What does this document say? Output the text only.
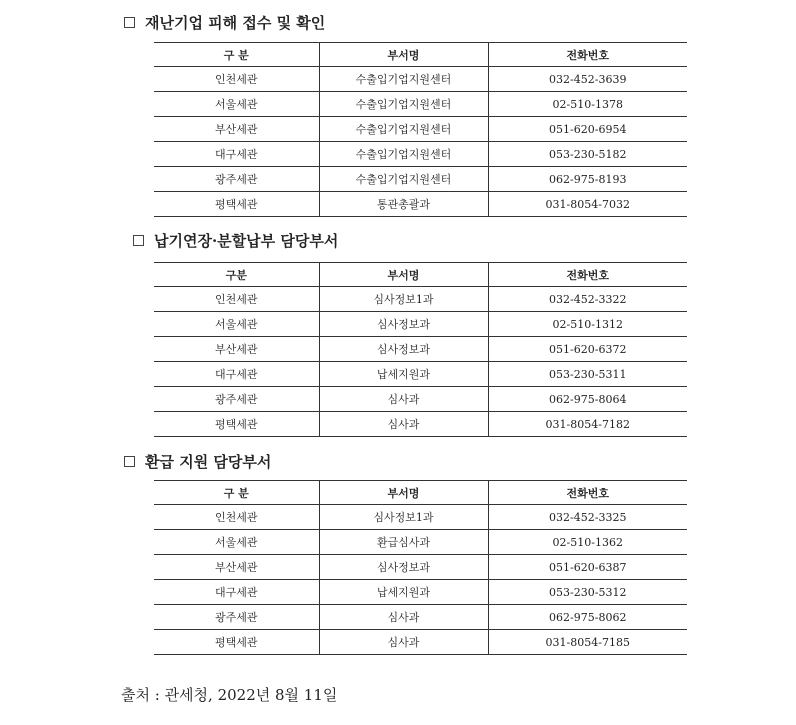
재난기업 피해 접수 및 확인
구 분	부서명	전화번호
인천세관	수출입기업지원센터	032-452-3639
서울세관	수출입기업지원센터	02-510-1378
부산세관	수출입기업지원센터	051-620-6954
대구세관	수출입기업지원센터	053-230-5182
광주세관	수출입기업지원센터	062-975-8193
평택세관	통관총괄과	031-8054-7032
납기연장·분할납부 담당부서
구분	부서명	전화번호
인천세관	심사정보1과	032-452-3322
서울세관	심사정보과	02-510-1312
부산세관	심사정보과	051-620-6372
대구세관	납세지원과	053-230-5311
광주세관	심사과	062-975-8064
평택세관	심사과	031-8054-7182
환급 지원 담당부서
구 분	부서명	전화번호
인천세관	심사정보1과	032-452-3325
서울세관	환급심사과	02-510-1362
부산세관	심사정보과	051-620-6387
대구세관	납세지원과	053-230-5312
광주세관	심사과	062-975-8062
평택세관	심사과	031-8054-7185
출처 : 관세청, 2022년 8월 11일
